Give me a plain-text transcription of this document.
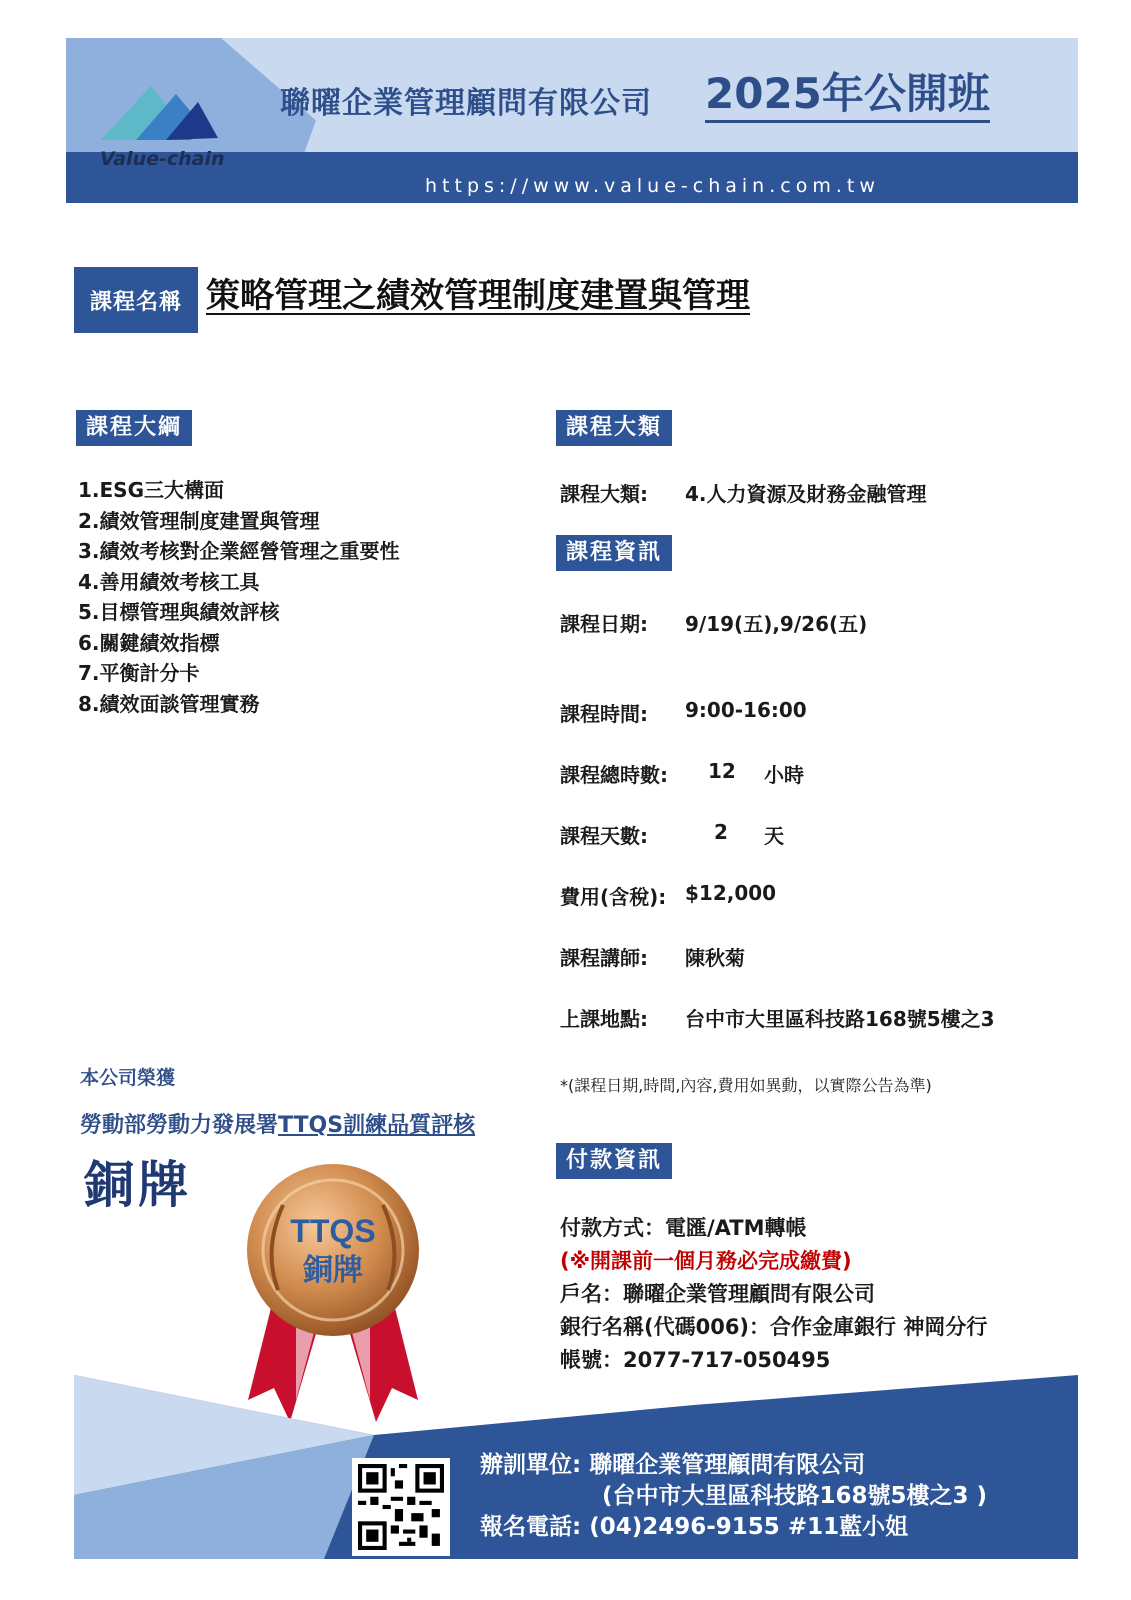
Value-chain
聯曜企業管理顧問有限公司 2025年公開班
https://www.value-chain.com.tw
課程名稱 策略管理之績效管理制度建置與管理
課程大綱
1.ESG三大構面
2.績效管理制度建置與管理
3.績效考核對企業經營管理之重要性
4.善用績效考核工具
5.目標管理與績效評核
6.關鍵績效指標
7.平衡計分卡
8.績效面談管理實務
課程大類
課程大類: 4.人力資源及財務金融管理
課程資訊
課程日期: 9/19(五),9/26(五)
課程時間: 9:00-16:00
課程總時數: 12 小時
課程天數:	2 天
費用(含稅): $12,000
課程講師: 陳秋菊
上課地點: 台中市大里區科技路168號5樓之3
*(課程日期,時間,內容,費用如異動，以實際公告為準)
付款資訊
付款方式：電匯/ATM轉帳
(※開課前一個月務必完成繳費)
戶名：聯曜企業管理顧問有限公司
銀行名稱(代碼006)：合作金庫銀行 神岡分行
帳號：2077-717-050495
本公司榮獲
勞動部勞動力發展署TTQS訓練品質評核
銅牌
TTQS
銅牌
辦訓單位: 聯曜企業管理顧問有限公司
(台中市大里區科技路168號5樓之3 )
報名電話: (04)2496-9155 #11藍小姐
